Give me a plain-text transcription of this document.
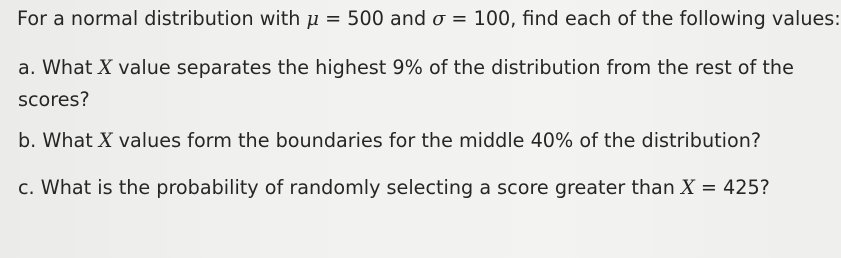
For a normal distribution with μ = 500 and σ = 100, find each of the following values:
a. What X value separates the highest 9% of the distribution from the rest of the
scores?
b. What X values form the boundaries for the middle 40% of the distribution?
c. What is the probability of randomly selecting a score greater than X = 425?
